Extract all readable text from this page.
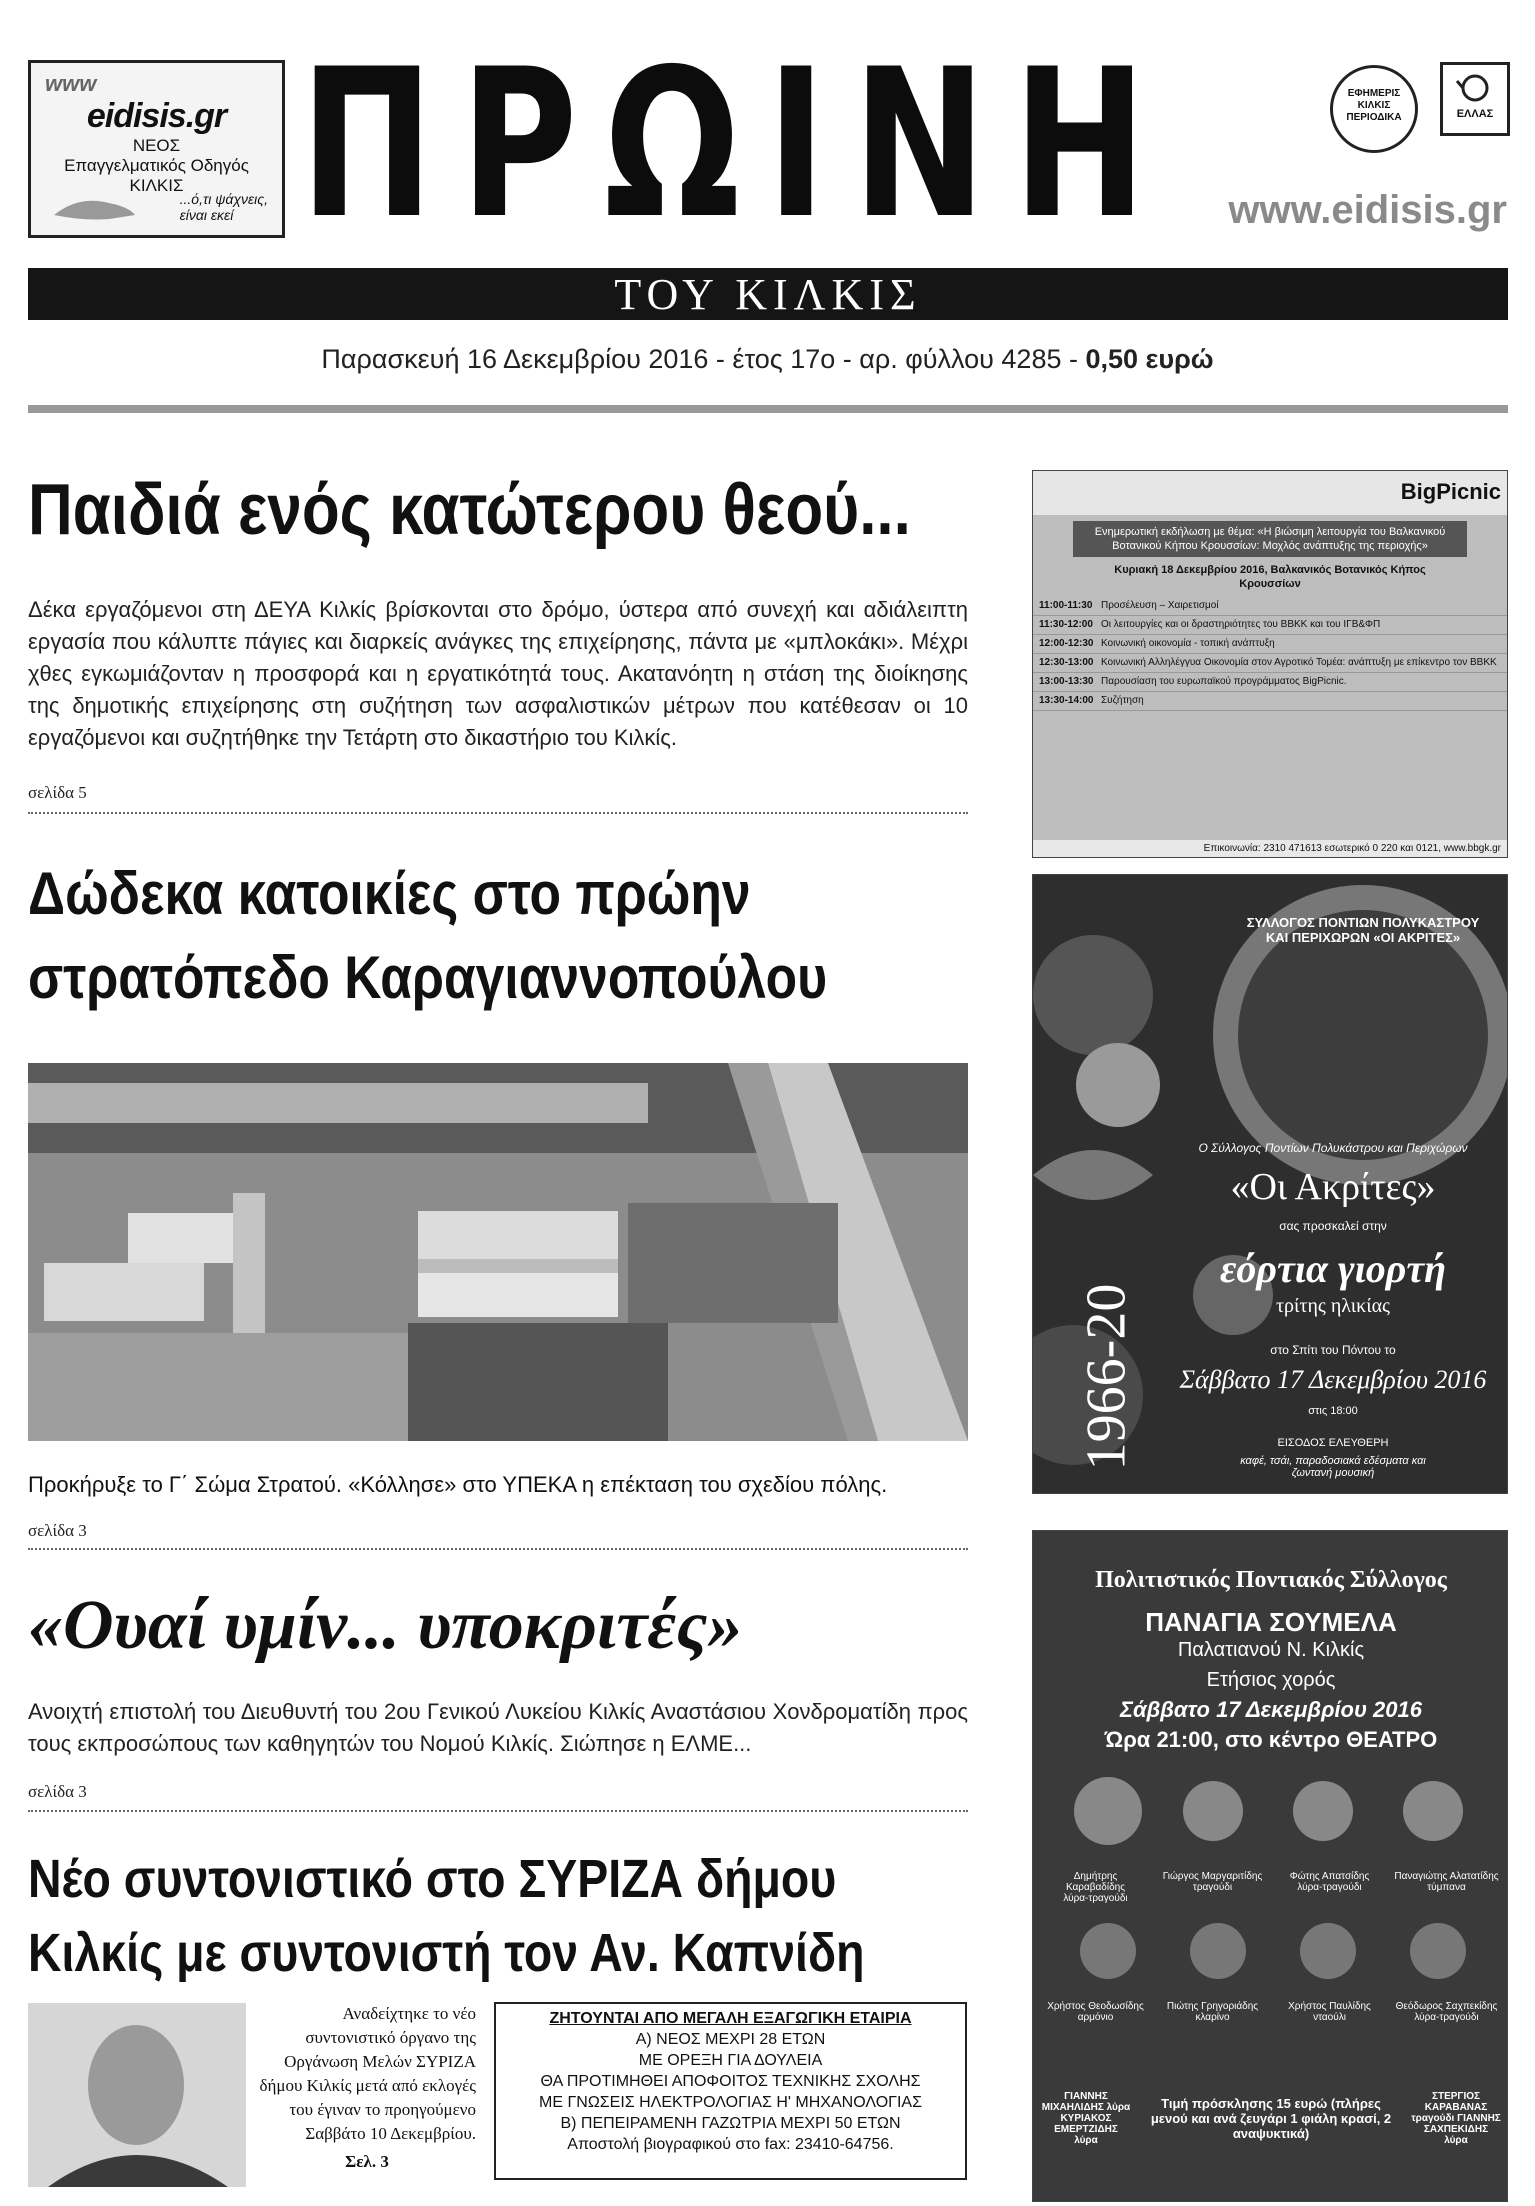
www
eidisis.gr
ΝΕΟΣ
Επαγγελματικός Οδηγός
ΚΙΛΚΙΣ
...ό,τι ψάχνεις,
είναι εκεί ΠΡΩΙΝΗ	ΕΦΗΜΕΡΙΣ ΚΙΛΚΙΣ ΠΕΡΙΟΔΙΚΑ	ΕΛΛΑΣ
www.eidisis.gr
ΤΟΥ ΚΙΛΚΙΣ
Παρασκευή 16 Δεκεμβρίου 2016 - έτος 17ο - αρ. φύλλου 4285 - 0,50 ευρώ
Παιδιά ενός κατώτερου θεού...
Δέκα εργαζόμενοι στη ΔΕΥΑ Κιλκίς βρίσκονται στο δρόμο, ύστερα από συνεχή και αδιάλειπτη εργασία που κάλυπτε πάγιες και διαρκείς ανάγκες της επιχείρησης, πάντα με «μπλοκάκι». Μέχρι χθες εγκωμιάζονταν η προσφορά και η εργατικότητά τους. Ακατανόητη η στάση της διοίκησης της δημοτικής επιχείρησης στη συζήτηση των ασφαλιστικών μέτρων που κατέθεσαν οι 10 εργαζόμενοι και συζητήθηκε την Τετάρτη στο δικαστήριο του Κιλκίς.
σελίδα 5
Δώδεκα κατοικίες στο πρώην
στρατόπεδο Καραγιαννοπούλου
Προκήρυξε το Γ΄ Σώμα Στρατού. «Κόλλησε» στο ΥΠΕΚΑ η επέκταση του σχεδίου πόλης.
σελίδα 3
«Ουαί υμίν... υποκριτές»
Ανοιχτή επιστολή του Διευθυντή του 2ου Γενικού Λυκείου Κιλκίς Αναστάσιου Χονδροματίδη προς τους εκπροσώπους των καθηγητών του Νομού Κιλκίς. Σιώπησε η ΕΛΜΕ...
σελίδα 3
Νέο συντονιστικό στο ΣΥΡΙΖΑ δήμου
Κιλκίς με συντονιστή τον Αν. Καπνίδη
Αναδείχτηκε το νέο συντονιστικό όργανο της Οργάνωση Μελών ΣΥΡΙΖΑ δήμου Κιλκίς μετά από εκλογές του έγιναν το προηγούμενο Σαββάτο 10 Δεκεμβρίου.
Σελ. 3
ΖΗΤΟΥΝΤΑΙ ΑΠΟ ΜΕΓΑΛΗ ΕΞΑΓΩΓΙΚΗ ΕΤΑΙΡΙΑ
Α) ΝΕΟΣ ΜΕΧΡΙ 28 ΕΤΩΝ
ΜΕ ΟΡΕΞΗ ΓΙΑ ΔΟΥΛΕΙΑ
ΘΑ ΠΡΟΤΙΜΗΘΕΙ ΑΠΟΦΟΙΤΟΣ ΤΕΧΝΙΚΗΣ ΣΧΟΛΗΣ
ΜΕ ΓΝΩΣΕΙΣ ΗΛΕΚΤΡΟΛΟΓΙΑΣ Η' ΜΗΧΑΝΟΛΟΓΙΑΣ
Β) ΠΕΠΕΙΡΑΜΕΝΗ ΓΑΖΩΤΡΙΑ ΜΕΧΡΙ 50 ΕΤΩΝ
Αποστολή βιογραφικού στο fax: 23410-64756.
BigPicnic
Ενημερωτική εκδήλωση με θέμα: «Η βιώσιμη λειτουργία του Βαλκανικού Βοτανικού Κήπου Κρουσσίων: Μοχλός ανάπτυξης της περιοχής»
Κυριακή 18 Δεκεμβρίου 2016, Βαλκανικός Βοτανικός Κήπος Κρουσσίων
11:00-11:30 Προσέλευση – Χαιρετισμοί
11:30-12:00 Οι λειτουργίες και οι δραστηριότητες του ΒΒΚΚ και του ΙΓΒ&ΦΠ
12:00-12:30 Κοινωνική οικονομία - τοπική ανάπτυξη
12:30-13:00 Κοινωνική Αλληλέγγυα Οικονομία στον Αγροτικό Τομέα: ανάπτυξη με επίκεντρο τον ΒΒΚΚ
13:00-13:30 Παρουσίαση του ευρωπαϊκού προγράμματος BigPicnic.
13:30-14:00 Συζήτηση
Επικοινωνία: 2310 471613 εσωτερικό 0 220 και 0121, www.bbgk.gr
ΣΥΛΛΟΓΟΣ ΠΟΝΤΙΩΝ ΠΟΛΥΚΑΣΤΡΟΥ ΚΑΙ ΠΕΡΙΧΩΡΩΝ «ΟΙ ΑΚΡΙΤΕΣ»
1966-20
Ο Σύλλογος Ποντίων Πολυκάστρου και Περιχώρων
«Οι Ακρίτες»
σας προσκαλεί στην
εόρτια γιορτή
τρίτης ηλικίας
στο Σπίτι του Πόντου το
Σάββατο 17 Δεκεμβρίου 2016
στις 18:00
ΕΙΣΟΔΟΣ ΕΛΕΥΘΕΡΗ
καφέ, τσάι, παραδοσιακά εδέσματα και ζωντανή μουσική
Πολιτιστικός Ποντιακός Σύλλογος
ΠΑΝΑΓΙΑ ΣΟΥΜΕΛΑ
Παλατιανού Ν. Κιλκίς
Ετήσιος χορός
Σάββατο 17 Δεκεμβρίου 2016
Ώρα 21:00, στο κέντρο ΘΕΑΤΡΟ
Δημήτρης Καραβαδίδης
λύρα-τραγούδι
Γιώργος Μαργαριτίδης
τραγούδι
Φώτης Απατσίδης
λύρα-τραγούδι
Παναγιώτης Αλατατίδης
τύμπανα
Χρήστος Θεοδωσίδης
αρμόνιο
Πιώτης Γρηγοριάδης
κλαρίνο
Χρήστος Παυλίδης
νταούλι
Θεόδωρος Σαχπεκίδης
λύρα-τραγούδι
ΓΙΑΝΝΗΣ ΜΙΧΑΗΛΙΔΗΣ λύρα ΚΥΡΙΑΚΟΣ ΕΜΕΡΤΖΙΔΗΣ λύρα
Τιμή πρόσκλησης 15 ευρώ (πλήρες μενού και ανά ζευγάρι 1 φιάλη κρασί, 2 αναψυκτικά)
ΣΤΕΡΓΙΟΣ ΚΑΡΑΒΑΝΑΣ τραγούδι ΓΙΑΝΝΗΣ ΣΑΧΠΕΚΙΔΗΣ λύρα
